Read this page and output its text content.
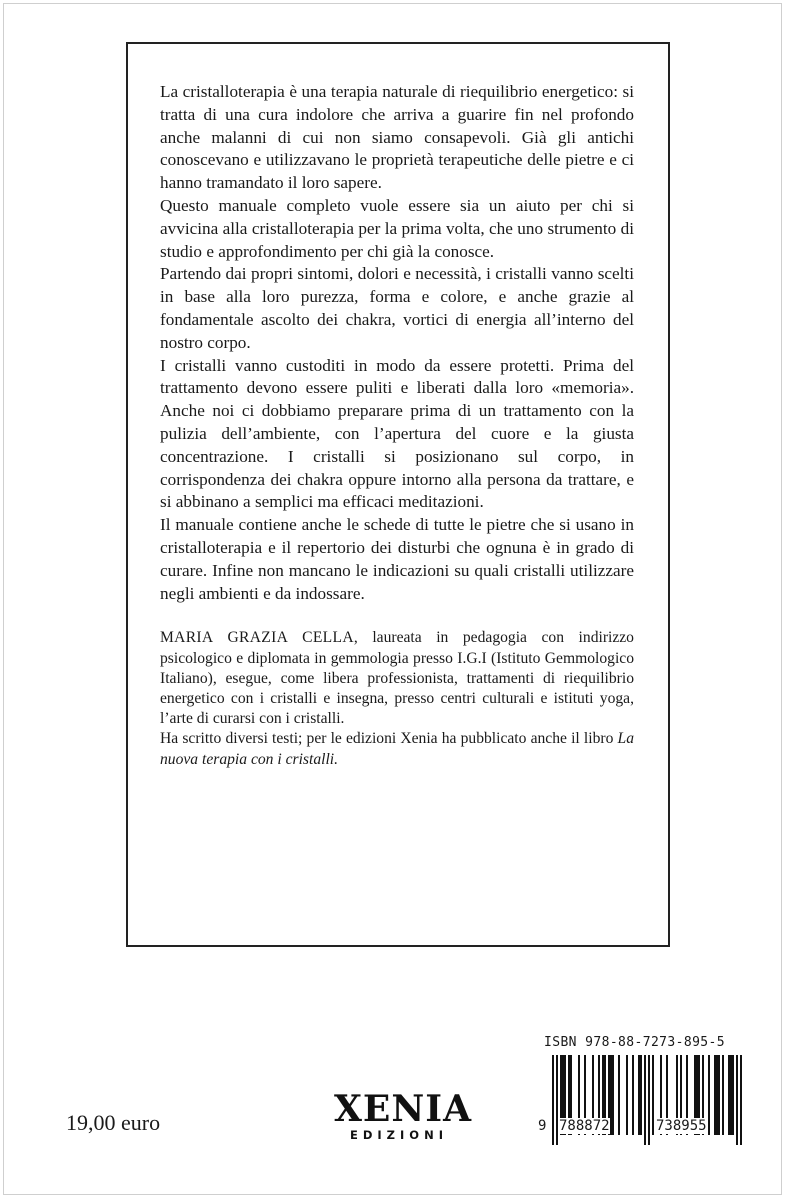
La cristalloterapia è una terapia naturale di riequilibrio energetico: si tratta di una cura indolore che arriva a guarire fin nel profondo anche malanni di cui non siamo consapevoli. Già gli antichi conoscevano e utilizzavano le proprietà terapeutiche delle pietre e ci hanno tramandato il loro sapere.

Questo manuale completo vuole essere sia un aiuto per chi si avvicina alla cristalloterapia per la prima volta, che uno strumento di studio e approfondimento per chi già la conosce.

Partendo dai propri sintomi, dolori e necessità, i cristalli vanno scelti in base alla loro purezza, forma e colore, e anche grazie al fondamentale ascolto dei chakra, vortici di energia all’interno del nostro corpo.

I cristalli vanno custoditi in modo da essere protetti. Prima del trattamento devono essere puliti e liberati dalla loro «memoria». Anche noi ci dobbiamo preparare prima di un trattamento con la pulizia dell’ambiente, con l’apertura del cuore e la giusta concentrazione. I cristalli si posizionano sul corpo, in corrispondenza dei chakra oppure intorno alla persona da trattare, e si abbinano a semplici ma efficaci meditazioni.

Il manuale contiene anche le schede di tutte le pietre che si usano in cristalloterapia e il repertorio dei disturbi che ognuna è in grado di curare. Infine non mancano le indicazioni su quali cristalli utilizzare negli ambienti e da indossare.

MARIA GRAZIA CELLA, laureata in pedagogia con indirizzo psicologico e diplomata in gemmologia presso I.G.I (Istituto Gemmologico Italiano), esegue, come libera professionista, trattamenti di riequilibrio energetico con i cristalli e insegna, presso centri culturali e istituti yoga, l’arte di curarsi con i cristalli.

Ha scritto diversi testi; per le edizioni Xenia ha pubblicato anche il libro La nuova terapia con i cristalli.

19,00 euro	XENIA
EDIZIONI
ISBN 978-88-7273-895-5
9 788872	738955
